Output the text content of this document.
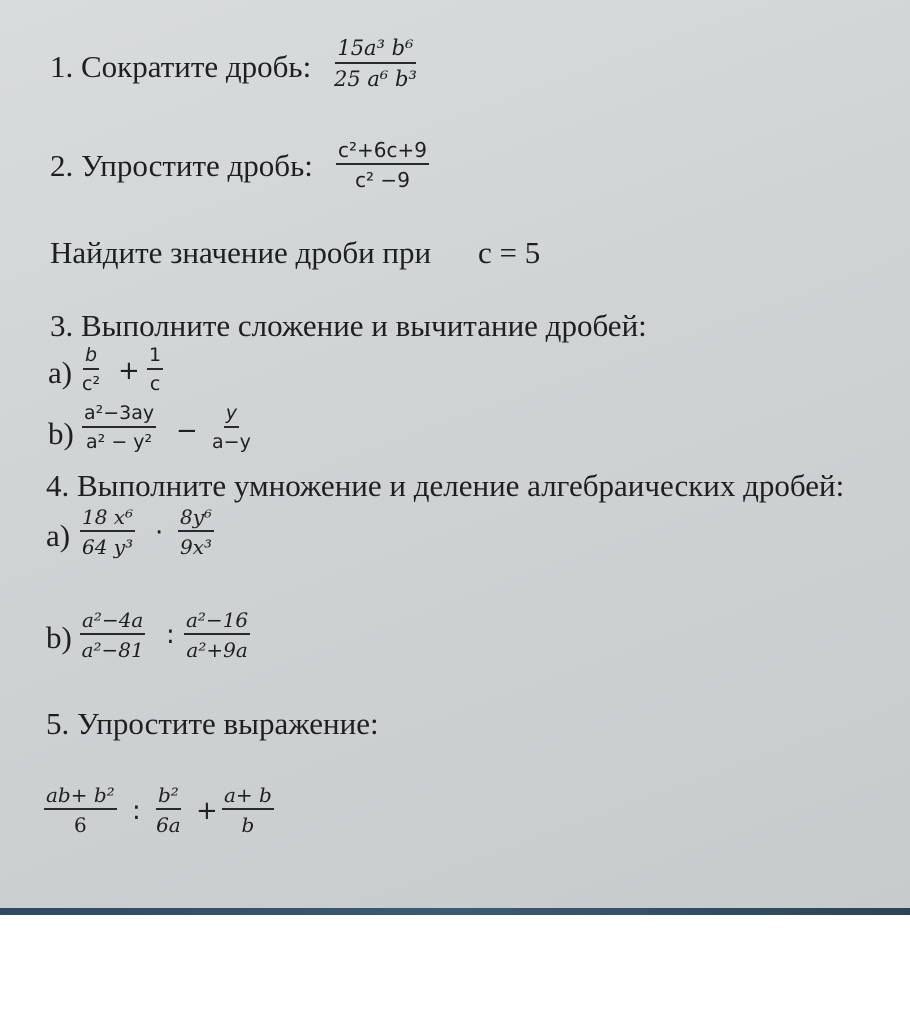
1. Сократите дробь: $\frac{\text{15a³ b⁶}}{\text{25 a⁶ b³}}$
2. Упростите дробь: $\frac{\text{c²+6c+9}}{\text{c² −9}}$
Найдите значение дроби при c = 5
3. Выполните сложение и вычитание дробей:
$a) \frac{b}{\text{c²}} + \frac{1}{c}$
$b) \frac{\text{a²−3ay}}{\text{a² − y²}} - \frac{y}{a-y}$
4. Выполните умножение и деление алгебраических дробей:
$a) \frac{\text{18 x⁶}}{\text{64 y³}} \cdot \frac{\text{8y⁶}}{\text{9x³}}$
$b) \frac{\text{a²−4a}}{\text{a²−81}}$ : $\frac{\text{a²−16}}{\text{a²+9a}}$
5. Упростите выражение:
$\frac{\text{ab+ b²}}{6}$ : $\frac{\text{b²}}{6a} + \frac{a+ b}{b}$
